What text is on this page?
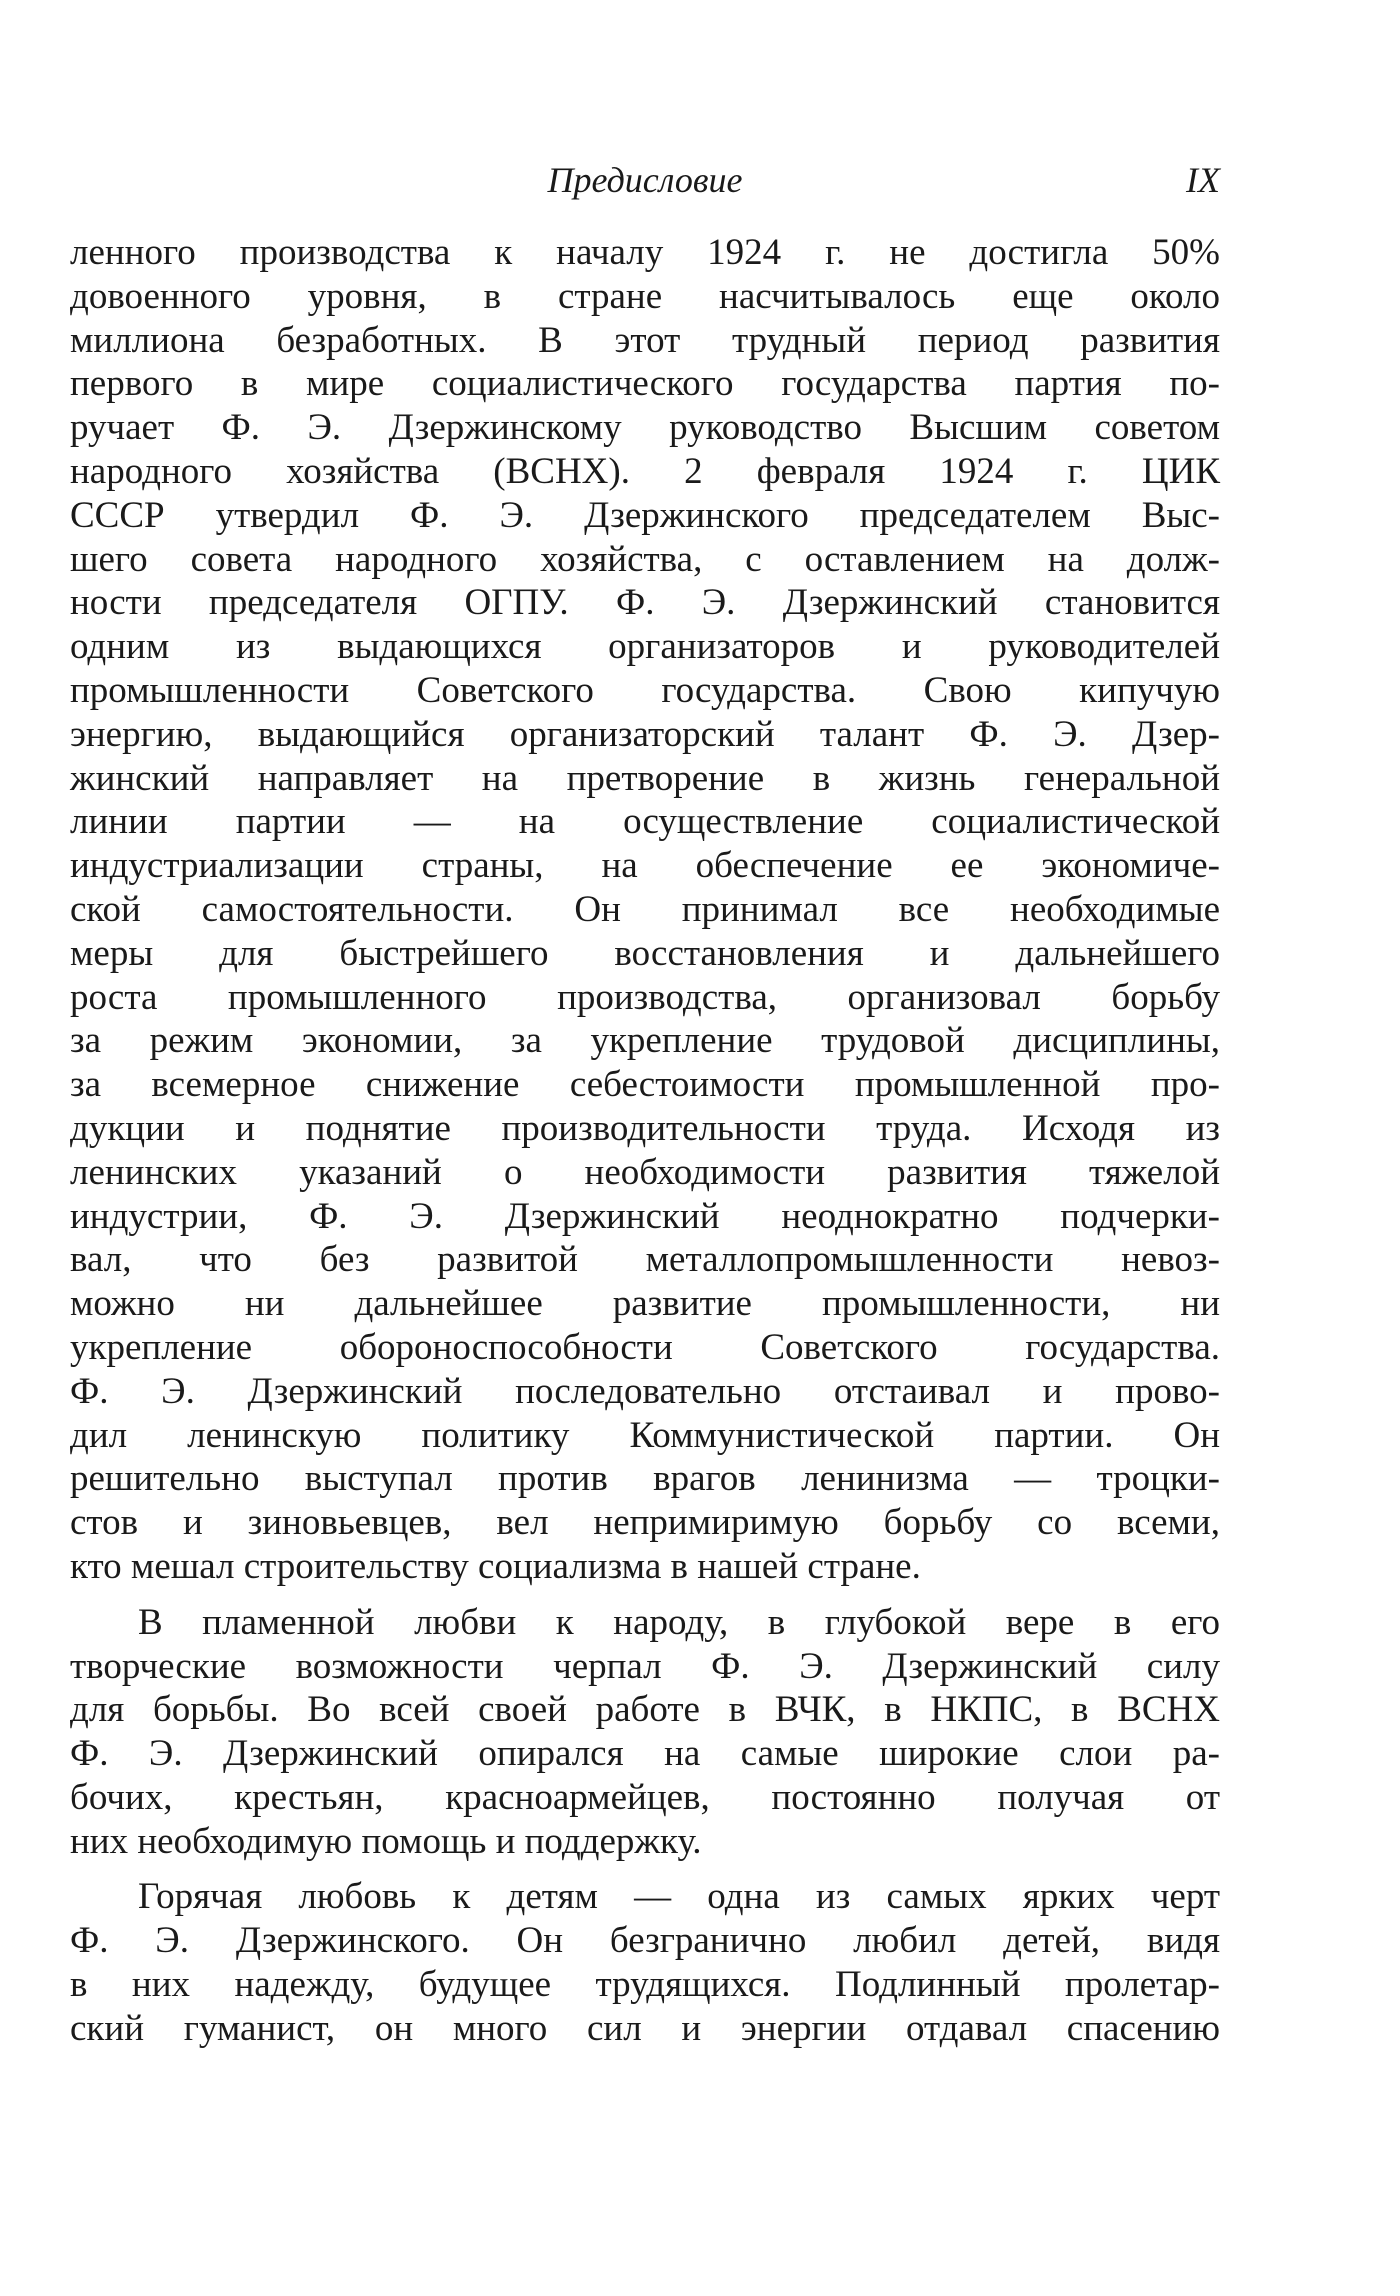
Предисловие	IX
ленного производства к началу 1924 г. не достигла 50%
довоенного уровня, в стране насчитывалось еще около
миллиона безработных. В этот трудный период развития
первого в мире социалистического государства партия по-
ручает Ф. Э. Дзержинскому руководство Высшим советом
народного хозяйства (ВСНХ). 2 февраля 1924 г. ЦИК
СССР утвердил Ф. Э. Дзержинского председателем Выс-
шего совета народного хозяйства, с оставлением на долж-
ности председателя ОГПУ. Ф. Э. Дзержинский становится
одним из выдающихся организаторов и руководителей
промышленности Советского государства. Свою кипучую
энергию, выдающийся организаторский талант Ф. Э. Дзер-
жинский направляет на претворение в жизнь генеральной
линии партии — на осуществление социалистической
индустриализации страны, на обеспечение ее экономиче-
ской самостоятельности. Он принимал все необходимые
меры для быстрейшего восстановления и дальнейшего
роста промышленного производства, организовал борьбу
за режим экономии, за укрепление трудовой дисциплины,
за всемерное снижение себестоимости промышленной про-
дукции и поднятие производительности труда. Исходя из
ленинских указаний о необходимости развития тяжелой
индустрии, Ф. Э. Дзержинский неоднократно подчерки-
вал, что без развитой металлопромышленности невоз-
можно ни дальнейшее развитие промышленности, ни
укрепление обороноспособности Советского государства.
Ф. Э. Дзержинский последовательно отстаивал и прово-
дил ленинскую политику Коммунистической партии. Он
решительно выступал против врагов ленинизма — троцки-
стов и зиновьевцев, вел непримиримую борьбу со всеми,
кто мешал строительству социализма в нашей стране.
В пламенной любви к народу, в глубокой вере в его
творческие возможности черпал Ф. Э. Дзержинский силу
для борьбы. Во всей своей работе в ВЧК, в НКПС, в ВСНХ
Ф. Э. Дзержинский опирался на самые широкие слои ра-
бочих, крестьян, красноармейцев, постоянно получая от
них необходимую помощь и поддержку.
Горячая любовь к детям — одна из самых ярких черт
Ф. Э. Дзержинского. Он безгранично любил детей, видя
в них надежду, будущее трудящихся. Подлинный пролетар-
ский гуманист, он много сил и энергии отдавал спасению
